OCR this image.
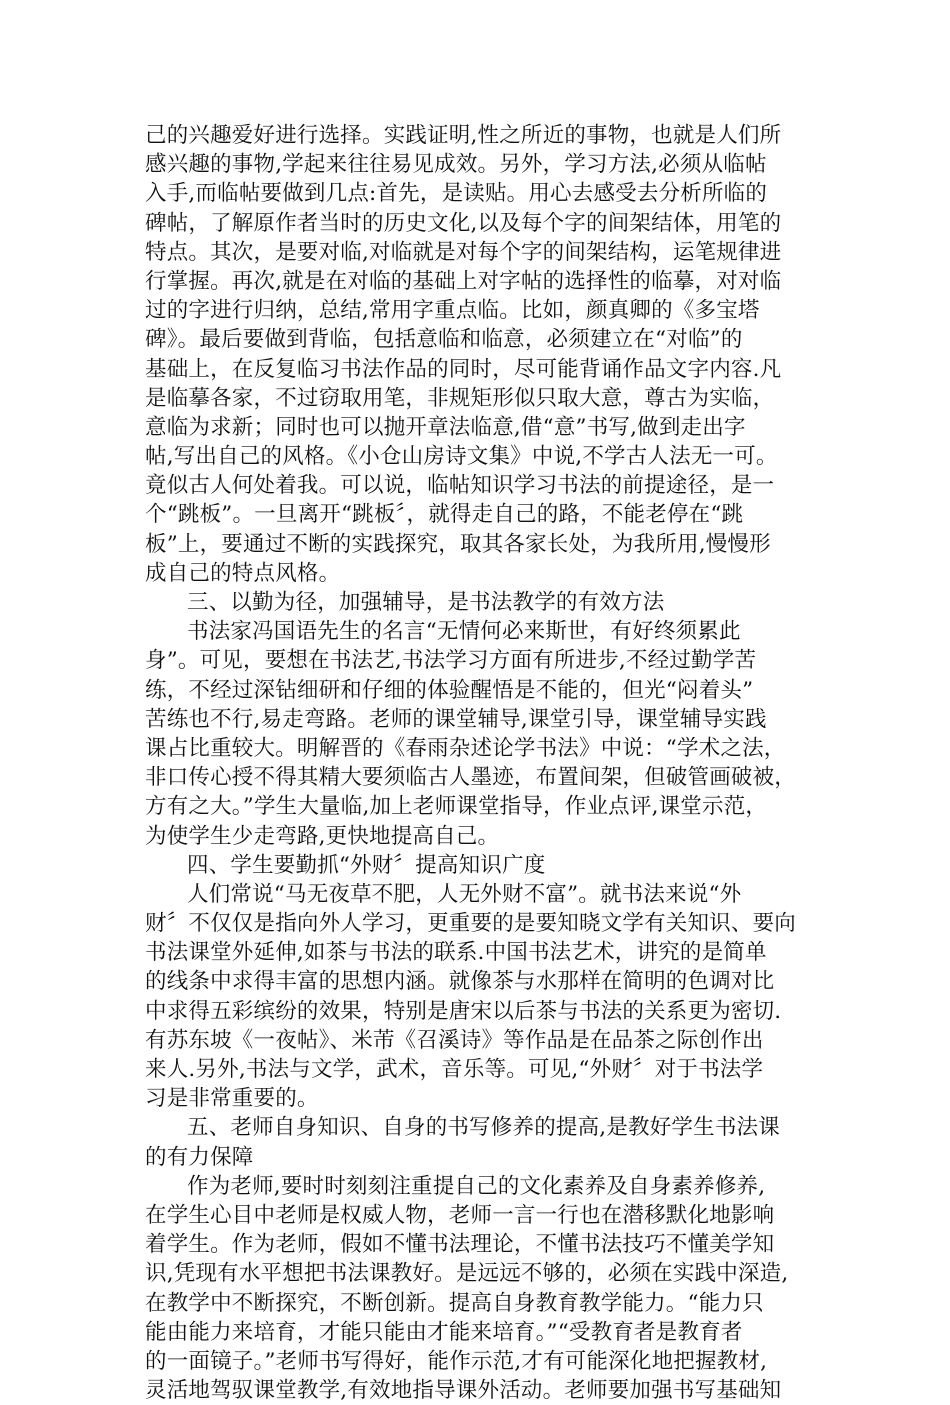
己的兴趣爱好进行选择。实践证明,性之所近的事物，也就是人们所
感兴趣的事物,学起来往往易见成效。另外，学习方法,必须从临帖
入手,而临帖要做到几点:首先，是读贴。用心去感受去分析所临的
碑帖，了解原作者当时的历史文化,以及每个字的间架结体，用笔的
特点。其次，是要对临,对临就是对每个字的间架结构，运笔规律进
行掌握。再次,就是在对临的基础上对字帖的选择性的临摹，对对临
过的字进行归纳，总结,常用字重点临。比如，颜真卿的《多宝塔
碑》。最后要做到背临，包括意临和临意，必须建立在“对临”的
基础上，在反复临习书法作品的同时，尽可能背诵作品文字内容.凡
是临摹各家，不过窃取用笔，非规矩形似只取大意，尊古为实临，
意临为求新；同时也可以抛开章法临意,借“意”书写,做到走出字
帖,写出自己的风格。《小仓山房诗文集》中说,不学古人法无一可。
竟似古人何处着我。可以说，临帖知识学习书法的前提途径，是一
个“跳板”。一旦离开“跳板〞，就得走自己的路，不能老停在“跳
板”上，要通过不断的实践探究，取其各家长处，为我所用,慢慢形
成自己的特点风格。
三、以勤为径，加强辅导，是书法教学的有效方法
书法家冯国语先生的名言“无情何必来斯世，有好终须累此
身”。可见，要想在书法艺,书法学习方面有所进步,不经过勤学苦
练，不经过深钻细研和仔细的体验醒悟是不能的，但光“闷着头”
苦练也不行,易走弯路。老师的课堂辅导,课堂引导，课堂辅导实践
课占比重较大。明解晋的《春雨杂述论学书法》中说：“学术之法，
非口传心授不得其精大要须临古人墨迹，布置间架，但破管画破被，
方有之大。”学生大量临,加上老师课堂指导，作业点评,课堂示范，
为使学生少走弯路,更快地提高自己。
四、学生要勤抓“外财〞提高知识广度
人们常说“马无夜草不肥，人无外财不富”。就书法来说“外
财〞不仅仅是指向外人学习，更重要的是要知晓文学有关知识、要向
书法课堂外延伸,如茶与书法的联系.中国书法艺术，讲究的是简单
的线条中求得丰富的思想内涵。就像茶与水那样在简明的色调对比
中求得五彩缤纷的效果，特别是唐宋以后茶与书法的关系更为密切.
有苏东坡《一夜帖》、米芾《召溪诗》等作品是在品茶之际创作出
来人.另外,书法与文学，武术，音乐等。可见,“外财〞对于书法学
习是非常重要的。
五、老师自身知识、自身的书写修养的提高,是教好学生书法课
的有力保障
作为老师,要时时刻刻注重提自己的文化素养及自身素养修养,
在学生心目中老师是权威人物，老师一言一行也在潜移默化地影响
着学生。作为老师，假如不懂书法理论，不懂书法技巧不懂美学知
识,凭现有水平想把书法课教好。是远远不够的，必须在实践中深造,
在教学中不断探究，不断创新。提高自身教育教学能力。“能力只
能由能力来培育，才能只能由才能来培育。”“受教育者是教育者
的一面镜子。”老师书写得好，能作示范,才有可能深化地把握教材,
灵活地驾驭课堂教学,有效地指导课外活动。老师要加强书写基础知
